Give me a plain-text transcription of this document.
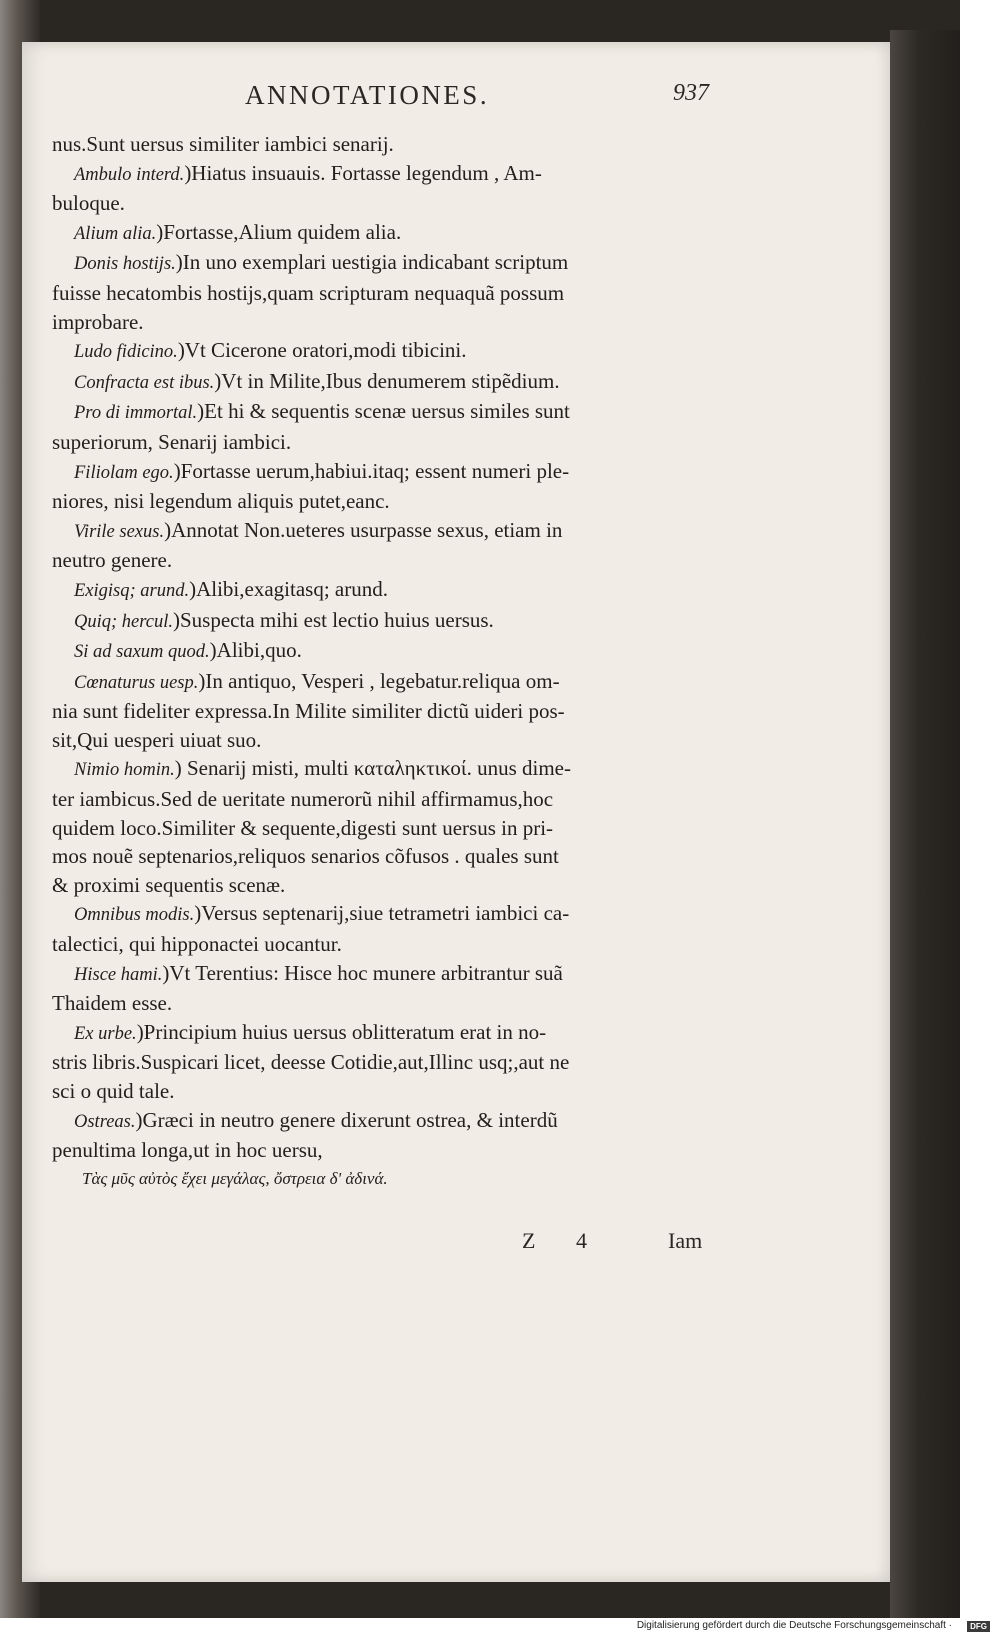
ANNOTATIONES.	937
nus.Sunt uersus similiter iambici senarij.
Ambulo interd.)Hiatus insuauis. Fortasse legendum , Am-
buloque.
Alium alia.)Fortasse,Alium quidem alia.
Donis hostijs.)In uno exemplari uestigia indicabant scriptum
fuisse hecatombis hostijs,quam scripturam nequaquã possum
improbare.
Ludo fidicino.)Vt Cicerone oratori,modi tibicini.
Confracta est ibus.)Vt in Milite,Ibus denumerem stipẽdium.
Pro di immortal.)Et hi & sequentis scenæ uersus similes sunt
superiorum, Senarij iambici.
Filiolam ego.)Fortasse uerum,habiui.itaq; essent numeri ple-
niores, nisi legendum aliquis putet,eanc.
Virile sexus.)Annotat Non.ueteres usurpasse sexus, etiam in
neutro genere.
Exigisq; arund.)Alibi,exagitasq; arund.
Quiq; hercul.)Suspecta mihi est lectio huius uersus.
Si ad saxum quod.)Alibi,quo.
Cœnaturus uesp.)In antiquo, Vesperi , legebatur.reliqua om-
nia sunt fideliter expressa.In Milite similiter dictũ uideri pos-
sit,Qui uesperi uiuat suo.
Nimio homin.) Senarij misti, multi καταληκτικοί. unus dime-
ter iambicus.Sed de ueritate numerorũ nihil affirmamus,hoc
quidem loco.Similiter & sequente,digesti sunt uersus in pri-
mos nouẽ septenarios,reliquos senarios cõfusos . quales sunt
& proximi sequentis scenæ.
Omnibus modis.)Versus septenarij,siue tetrametri iambici ca-
talectici, qui hipponactei uocantur.
Hisce hami.)Vt Terentius: Hisce hoc munere arbitrantur suã
Thaidem esse.
Ex urbe.)Principium huius uersus oblitteratum erat in no-
stris libris.Suspicari licet, deesse Cotidie,aut,Illinc usq;,aut ne
sci o quid tale.
Ostreas.)Græci in neutro genere dixerunt ostrea, & interdũ
penultima longa,ut in hoc uersu,
Τὰς μῦς αὐτὸς ἔχει μεγάλας, ὄστρεια δ' ἀδινά.
Z 4	Iam
Digitalisierung gefördert durch die Deutsche Forschungsgemeinschaft ·	DFG
